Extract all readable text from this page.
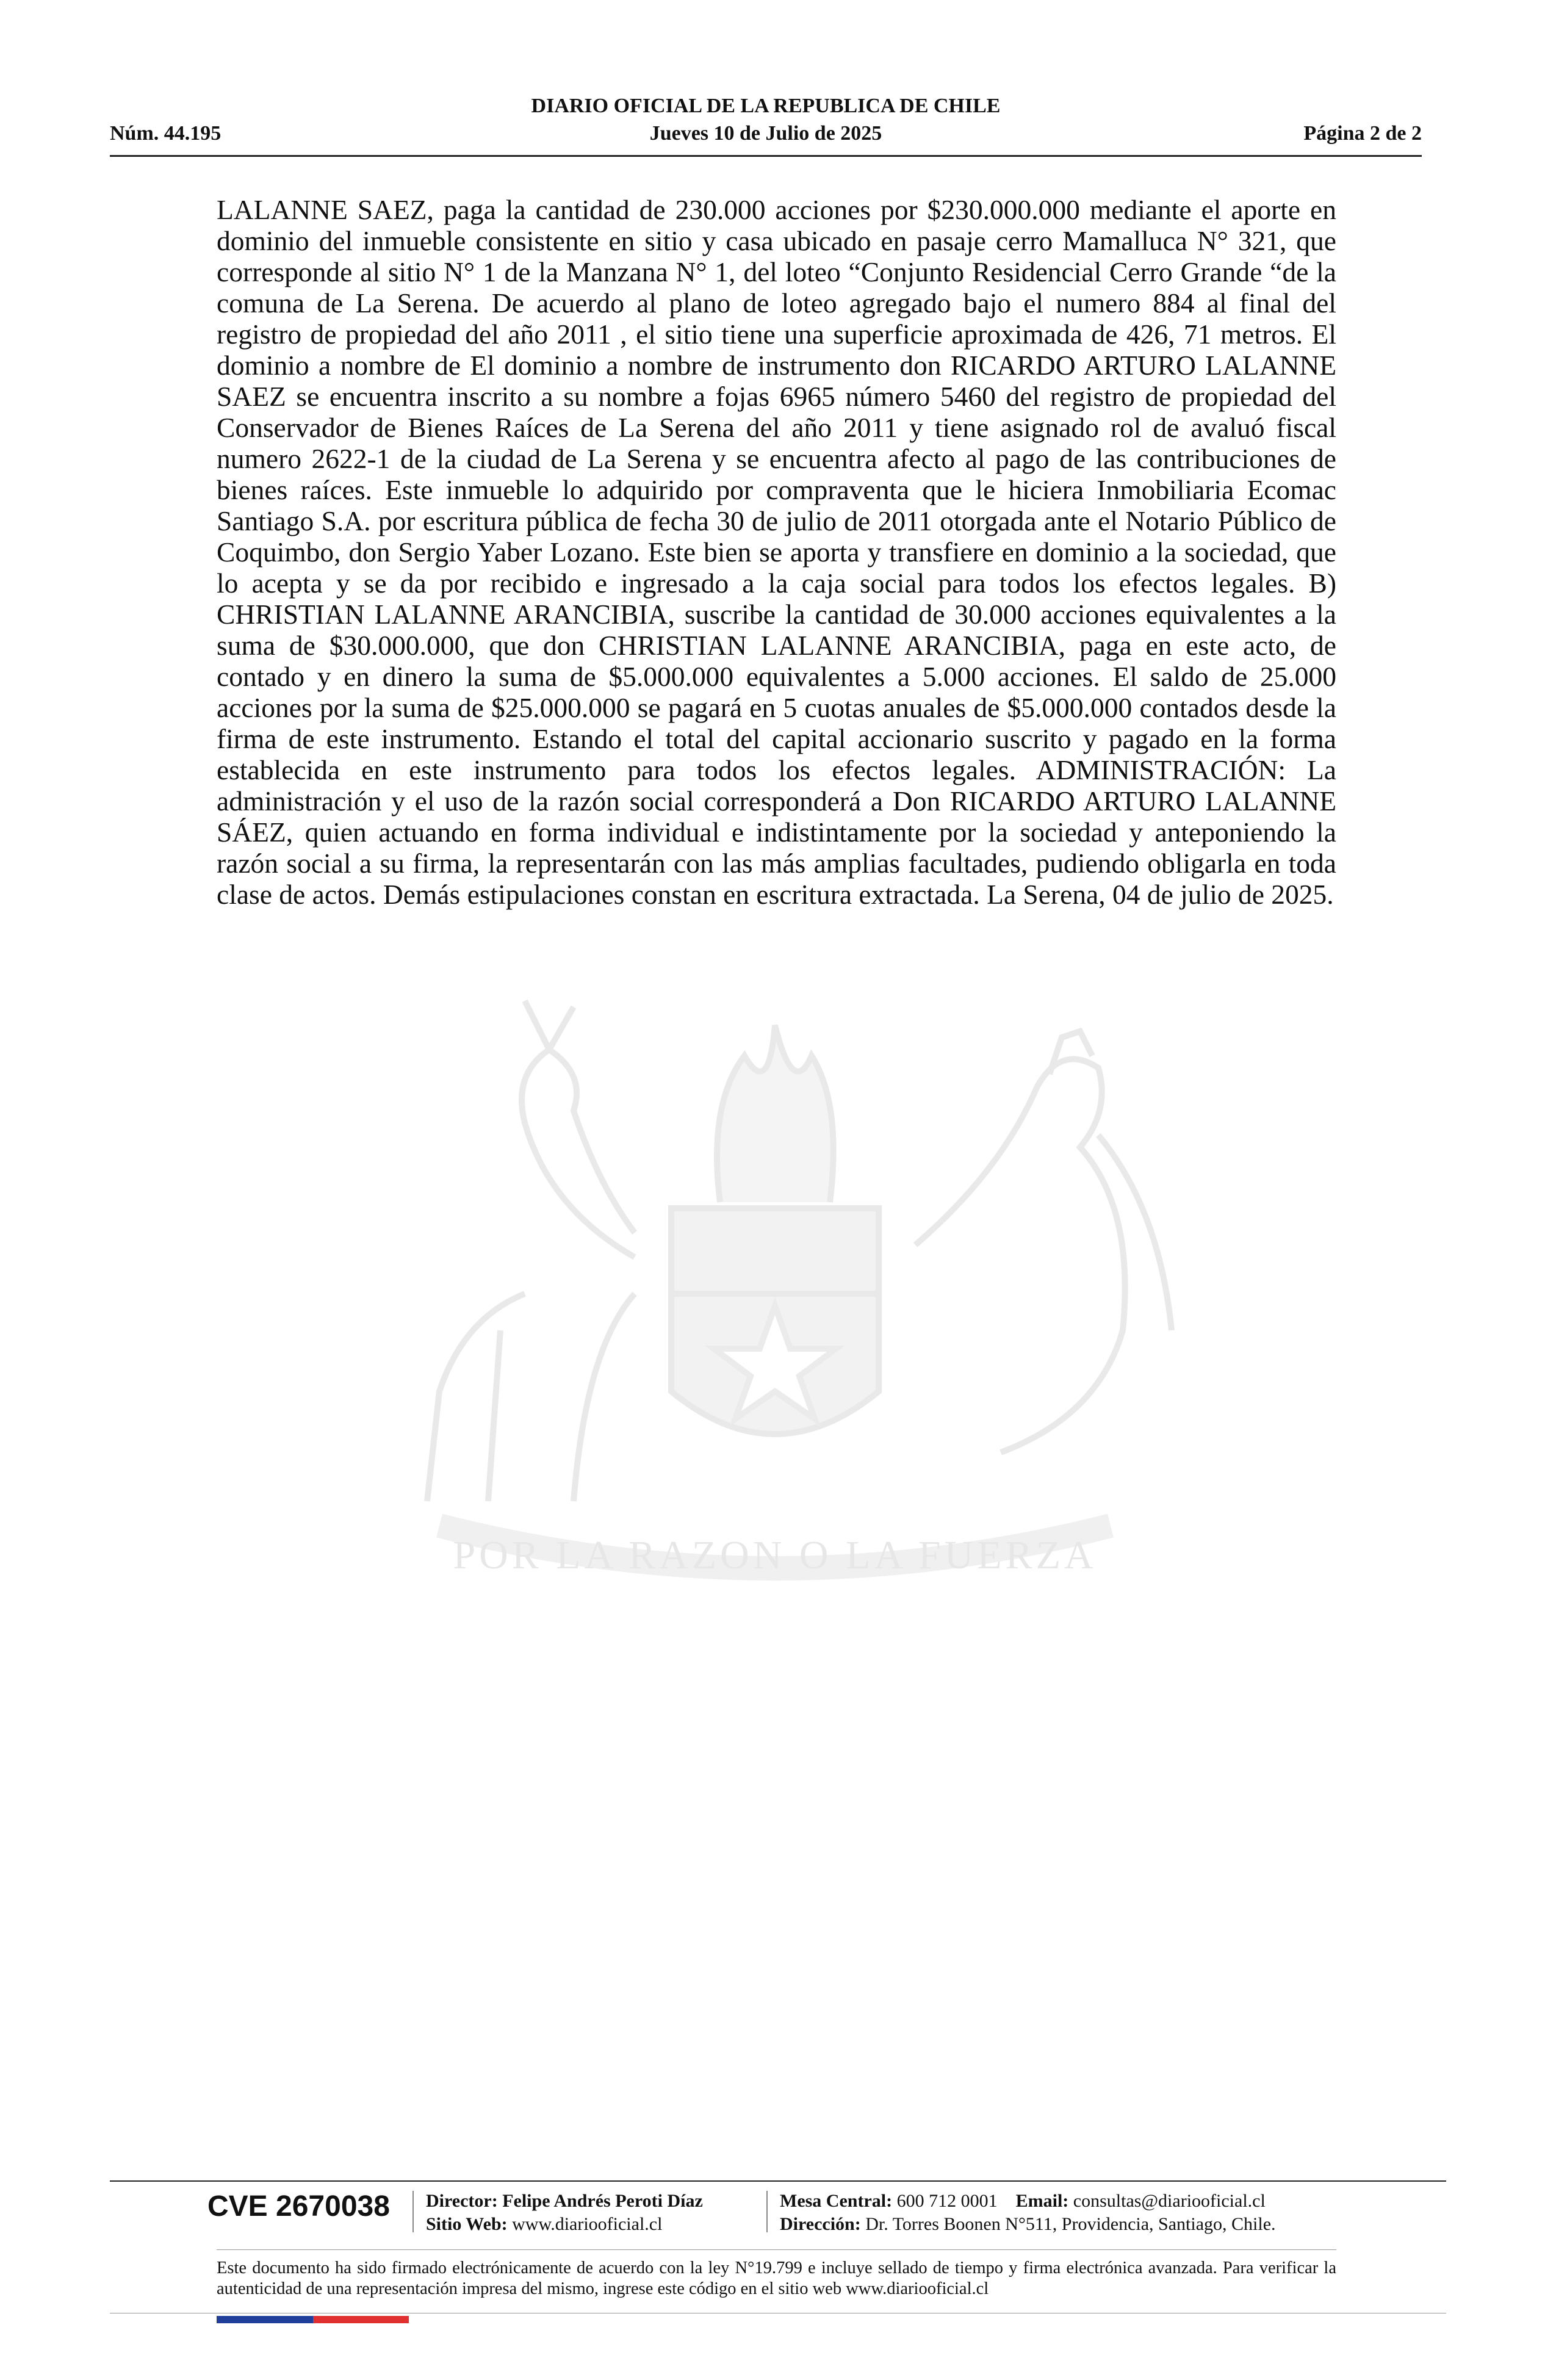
DIARIO OFICIAL DE LA REPUBLICA DE CHILE
Núm. 44.195	Jueves 10 de Julio de 2025	Página 2 de 2
LALANNE SAEZ, paga la cantidad de 230.000 acciones por $230.000.000 mediante el aporte en dominio del inmueble consistente en sitio y casa ubicado en pasaje cerro Mamalluca N° 321, que corresponde al sitio N° 1 de la Manzana N° 1, del loteo “Conjunto Residencial Cerro Grande “de la comuna de La Serena. De acuerdo al plano de loteo agregado bajo el numero 884 al final del registro de propiedad del año 2011 , el sitio tiene una superficie aproximada de 426, 71 metros. El dominio a nombre de El dominio a nombre de instrumento don RICARDO ARTURO LALANNE SAEZ se encuentra inscrito a su nombre a fojas 6965 número 5460 del registro de propiedad del Conservador de Bienes Raíces de La Serena del año 2011 y tiene asignado rol de avaluó fiscal numero 2622-1 de la ciudad de La Serena y se encuentra afecto al pago de las contribuciones de bienes raíces. Este inmueble lo adquirido por compraventa que le hiciera Inmobiliaria Ecomac Santiago S.A. por escritura pública de fecha 30 de julio de 2011 otorgada ante el Notario Público de Coquimbo, don Sergio Yaber Lozano. Este bien se aporta y transfiere en dominio a la sociedad, que lo acepta y se da por recibido e ingresado a la caja social para todos los efectos legales. B) CHRISTIAN LALANNE ARANCIBIA, suscribe la cantidad de 30.000 acciones equivalentes a la suma de $30.000.000, que don CHRISTIAN LALANNE ARANCIBIA, paga en este acto, de contado y en dinero la suma de $5.000.000 equivalentes a 5.000 acciones. El saldo de 25.000 acciones por la suma de $25.000.000 se pagará en 5 cuotas anuales de $5.000.000 contados desde la firma de este instrumento. Estando el total del capital accionario suscrito y pagado en la forma establecida en este instrumento para todos los efectos legales. ADMINISTRACIÓN: La administración y el uso de la razón social corresponderá a Don RICARDO ARTURO LALANNE SÁEZ, quien actuando en forma individual e indistintamente por la sociedad y anteponiendo la razón social a su firma, la representarán con las más amplias facultades, pudiendo obligarla en toda clase de actos. Demás estipulaciones constan en escritura extractada. La Serena, 04 de julio de 2025.
POR LA RAZON O LA FUERZA
CVE 2670038 Director: Felipe Andrés Peroti Díaz
Sitio Web: www.diariooficial.cl
Mesa Central: 600 712 0001 Email: consultas@diariooficial.cl
Dirección: Dr. Torres Boonen N°511, Providencia, Santiago, Chile.
Este documento ha sido firmado electrónicamente de acuerdo con la ley N°19.799 e incluye sellado de tiempo y firma electrónica avanzada. Para verificar la autenticidad de una representación impresa del mismo, ingrese este código en el sitio web www.diariooficial.cl
